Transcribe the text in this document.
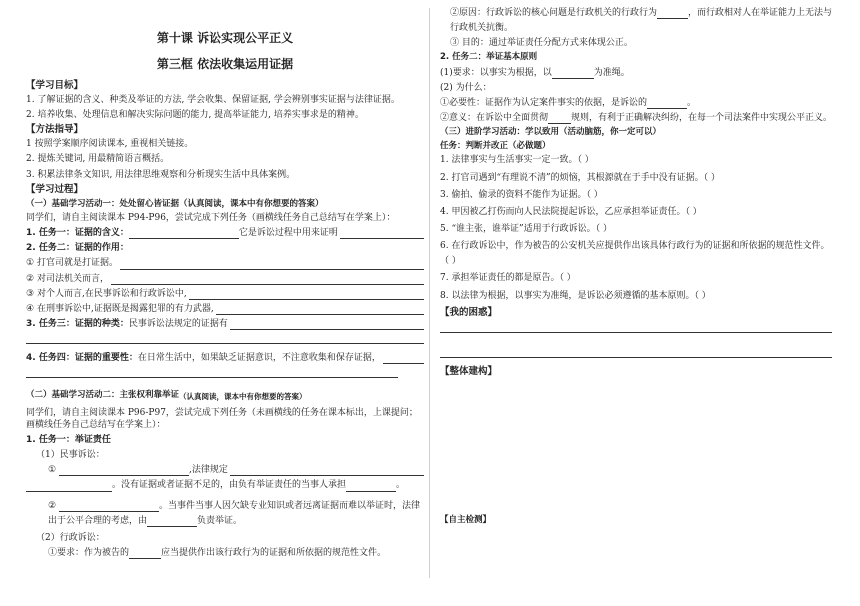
第十课 诉讼实现公平正义
第三框 依法收集运用证据
【学习目标】

1. 了解证据的含义、种类及举证的方法, 学会收集、保留证据, 学会辨别事实证据与法律证据。

2. 培养收集、处理信息和解决实际问题的能力, 提高举证能力, 培养实事求是的精神。

【方法指导】

1 按照学案顺序阅读课本, 重视相关链接。

2. 提炼关键词, 用最精简语言概括。

3. 积累法律条文知识, 用法律思维观察和分析现实生活中具体案例。

【学习过程】
（一）基础学习活动一：处处留心皆证据（认真阅读，课本中有你想要的答案）

同学们，请自主阅读课本 P94-P96，尝试完成下列任务（画横线任务自己总结写在学案上）：

1. 任务一：证据的含义：	它是诉讼过程中用来证明
2. 任务二：证据的作用：
①
打官司就是打证据。
②
对司法机关而言，
③
对个人而言,在民事诉讼和行政诉讼中,
④
在刑事诉讼中,证据既是揭露犯罪的有力武器,
3. 任务三：证据的种类： 民事诉讼法规定的证据有
4. 任务四：证据的重要性： 在日常生活中，如果缺乏证据意识，不注意收集和保存证据，
（二）基础学习活动二：主张权利靠举证 （认真阅读，课本中有你想要的答案）

同学们，请自主阅读课本 P96-P97，尝试完成下列任务（未画横线的任务在课本标出，上课提问；画横线任务自己总结写在学案上）：

1. 任务一：举证责任
（1）民事诉讼：
①
	,法律规定
。没有证据或者证据不足的，由负有举证责任的当事人承担	。
②
	。当事件当事人因欠缺专业知识或者远离证据而难以举证时，法律
出于公平合理的考虑，由	负责举证。
（2）行政诉讼：
①要求：作为被告的	应当提供作出该行政行为的证据和所依据的规范性文件。
②原因：行政诉讼的核心问题是行政机关的行政行为	，而行政相对人在举证能力上无法与

行政机关抗衡。

③ 目的：通过举证责任分配方式来体现公正。

2. 任务二：举证基本原则
(1)要求：以事实为根据，以	为准绳。

(2) 为什么：

①必要性：证据作为认定案件事实的依据，是诉讼的	。
②意义：在诉讼中全面贯彻	规则，有利于正确解决纠纷，在每一个司法案件中实现公平正义。
（三）进阶学习活动：学以致用（活动脑筋，你一定可以）
任务：判断并改正（必做题）

1. 法律事实与生活事实一定一致。（ ）

2. 打官司遇到“有理说不清”的烦恼，其根源就在于手中没有证据。（ ）

3. 偷拍、偷录的资料不能作为证据。（ ）

4. 甲因被乙打伤而向人民法院提起诉讼，乙应承担举证责任。（ ）

5. “谁主张，谁举证”适用于行政诉讼。（ ）

6. 在行政诉讼中，作为被告的公安机关应提供作出该具体行政行为的证据和所依据的规范性文件。

（ ）

7. 承担举证责任的都是原告。（ ）

8. 以法律为根据，以事实为准绳，是诉讼必须遵循的基本原则。（ ）

【我的困惑】
【整体建构】
【自主检测】
